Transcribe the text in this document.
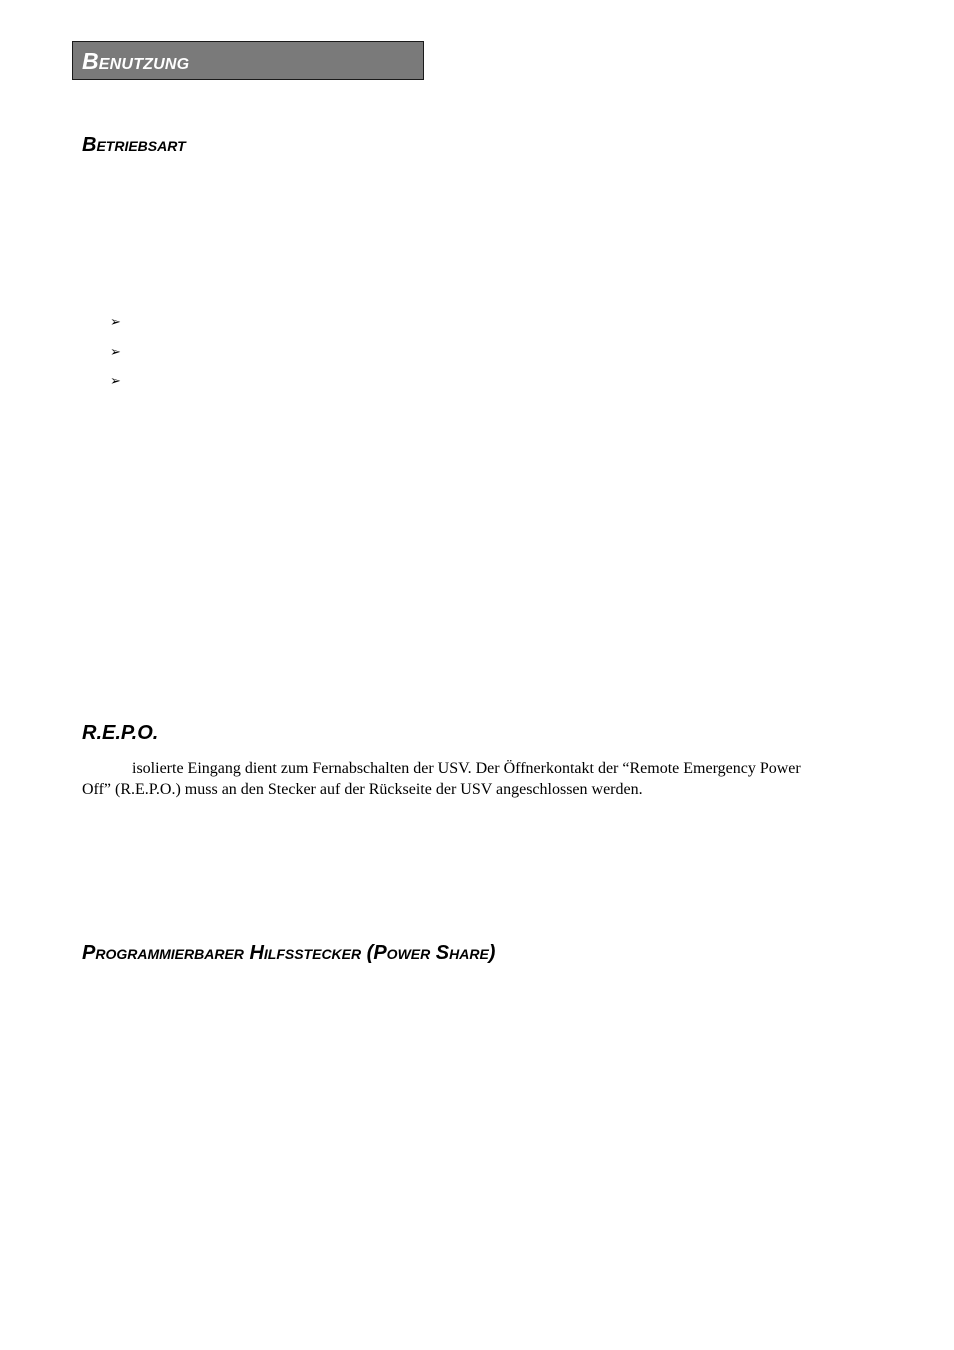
Benutzung
Betriebsart
➢
➢
➢
R.E.P.O.

isolierte Eingang dient zum Fernabschalten der USV. Der Öffnerkontakt der “Remote Emergency Power
Off” (R.E.P.O.) muss an den Stecker auf der Rückseite der USV angeschlossen werden.

Programmierbarer Hilfsstecker (Power Share)
